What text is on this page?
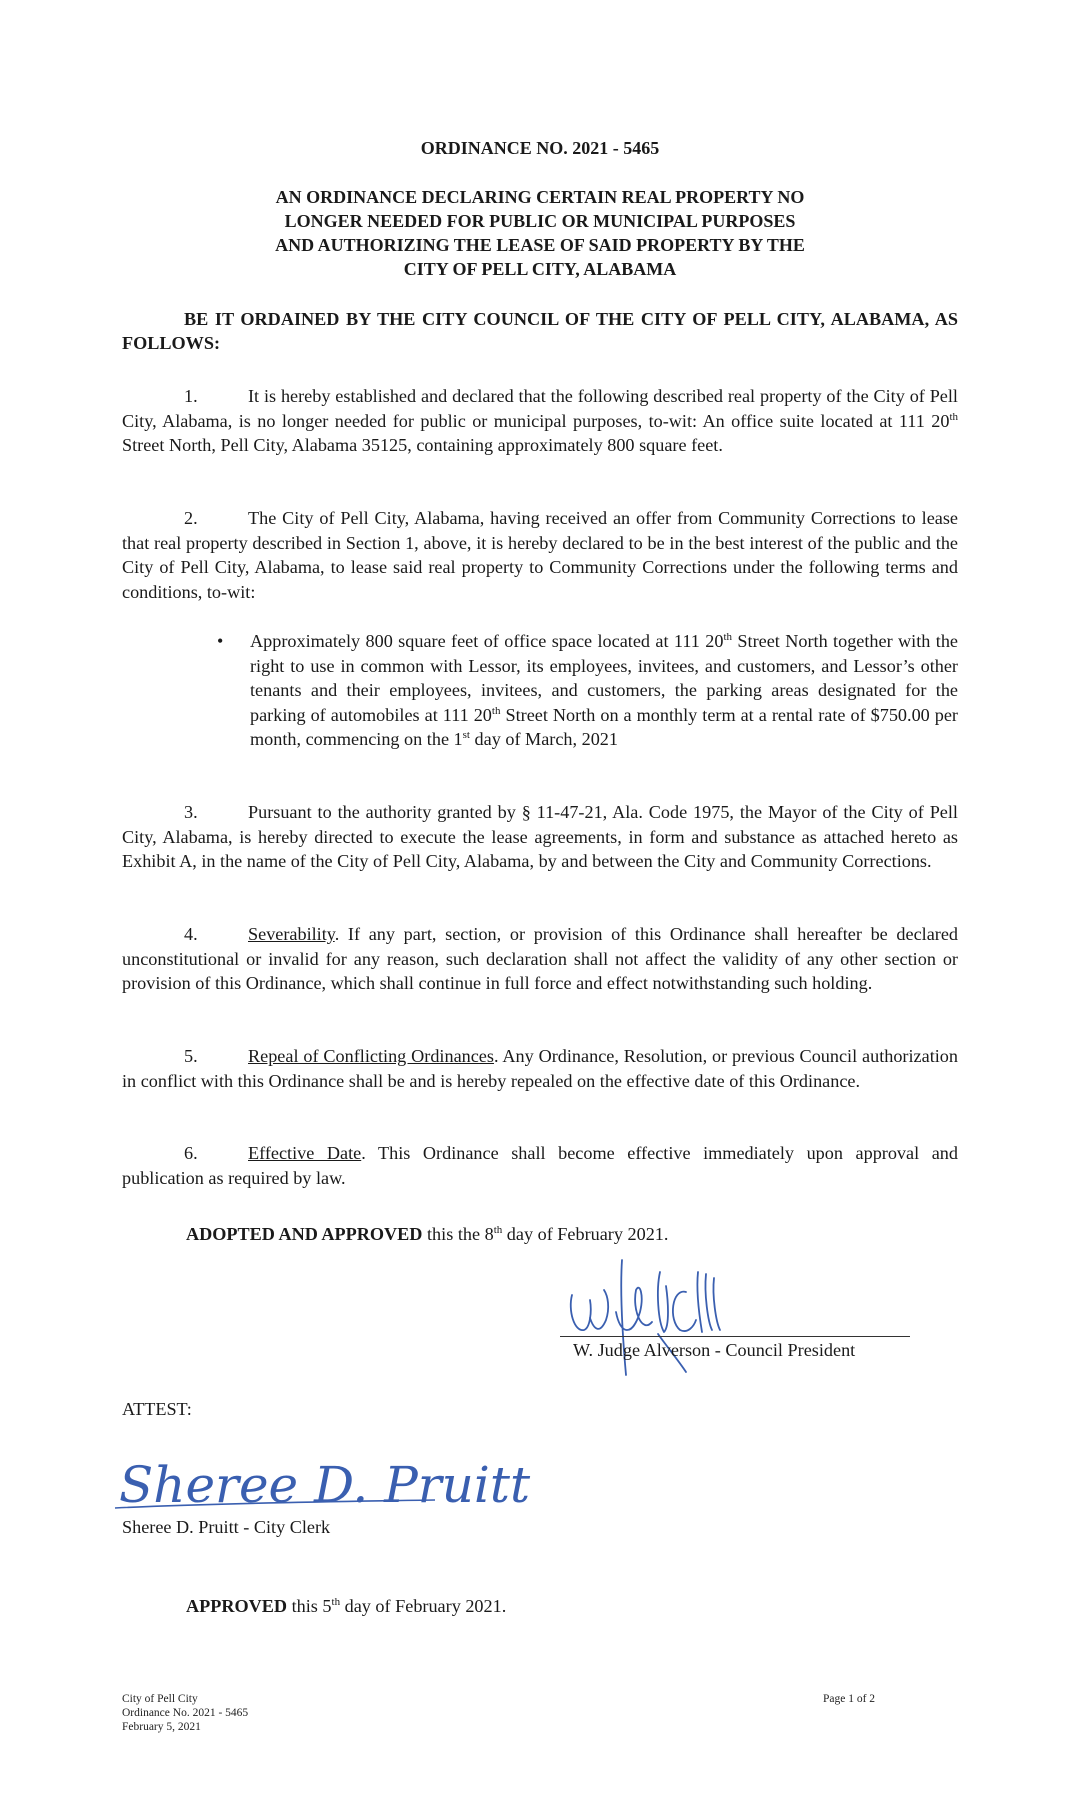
ORDINANCE NO. 2021 - 5465
AN ORDINANCE DECLARING CERTAIN REAL PROPERTY NO
LONGER NEEDED FOR PUBLIC OR MUNICIPAL PURPOSES
AND AUTHORIZING THE LEASE OF SAID PROPERTY BY THE
CITY OF PELL CITY, ALABAMA
BE IT ORDAINED BY THE CITY COUNCIL OF THE CITY OF PELL CITY, ALABAMA, AS FOLLOWS:
1.	It is hereby established and declared that the following described real property of the City of Pell City, Alabama, is no longer needed for public or municipal purposes, to-wit: An office suite located at 111 20th Street North, Pell City, Alabama 35125, containing approximately 800 square feet.
2.	The City of Pell City, Alabama, having received an offer from Community Corrections to lease that real property described in Section 1, above, it is hereby declared to be in the best interest of the public and the City of Pell City, Alabama, to lease said real property to Community Corrections under the following terms and conditions, to-wit:
•	Approximately 800 square feet of office space located at 111 20th Street North together with the right to use in common with Lessor, its employees, invitees, and customers, and Lessor’s other tenants and their employees, invitees, and customers, the parking areas designated for the parking of automobiles at 111 20th Street North on a monthly term at a rental rate of $750.00 per month, commencing on the 1st day of March, 2021
3.	Pursuant to the authority granted by § 11-47-21, Ala. Code 1975, the Mayor of the City of Pell City, Alabama, is hereby directed to execute the lease agreements, in form and substance as attached hereto as Exhibit A, in the name of the City of Pell City, Alabama, by and between the City and Community Corrections.
4.	Severability. If any part, section, or provision of this Ordinance shall hereafter be declared unconstitutional or invalid for any reason, such declaration shall not affect the validity of any other section or provision of this Ordinance, which shall continue in full force and effect notwithstanding such holding.
5.	Repeal of Conflicting Ordinances. Any Ordinance, Resolution, or previous Council authorization in conflict with this Ordinance shall be and is hereby repealed on the effective date of this Ordinance.
6.	Effective Date. This Ordinance shall become effective immediately upon approval and publication as required by law.
ADOPTED AND APPROVED this the 8th day of February 2021.
W. Judge Alverson - Council President
ATTEST:
Sheree D. Pruitt
Sheree D. Pruitt - City Clerk
APPROVED this 5th day of February 2021.
City of Pell City
Ordinance No. 2021 - 5465
February 5, 2021
Page 1 of 2
